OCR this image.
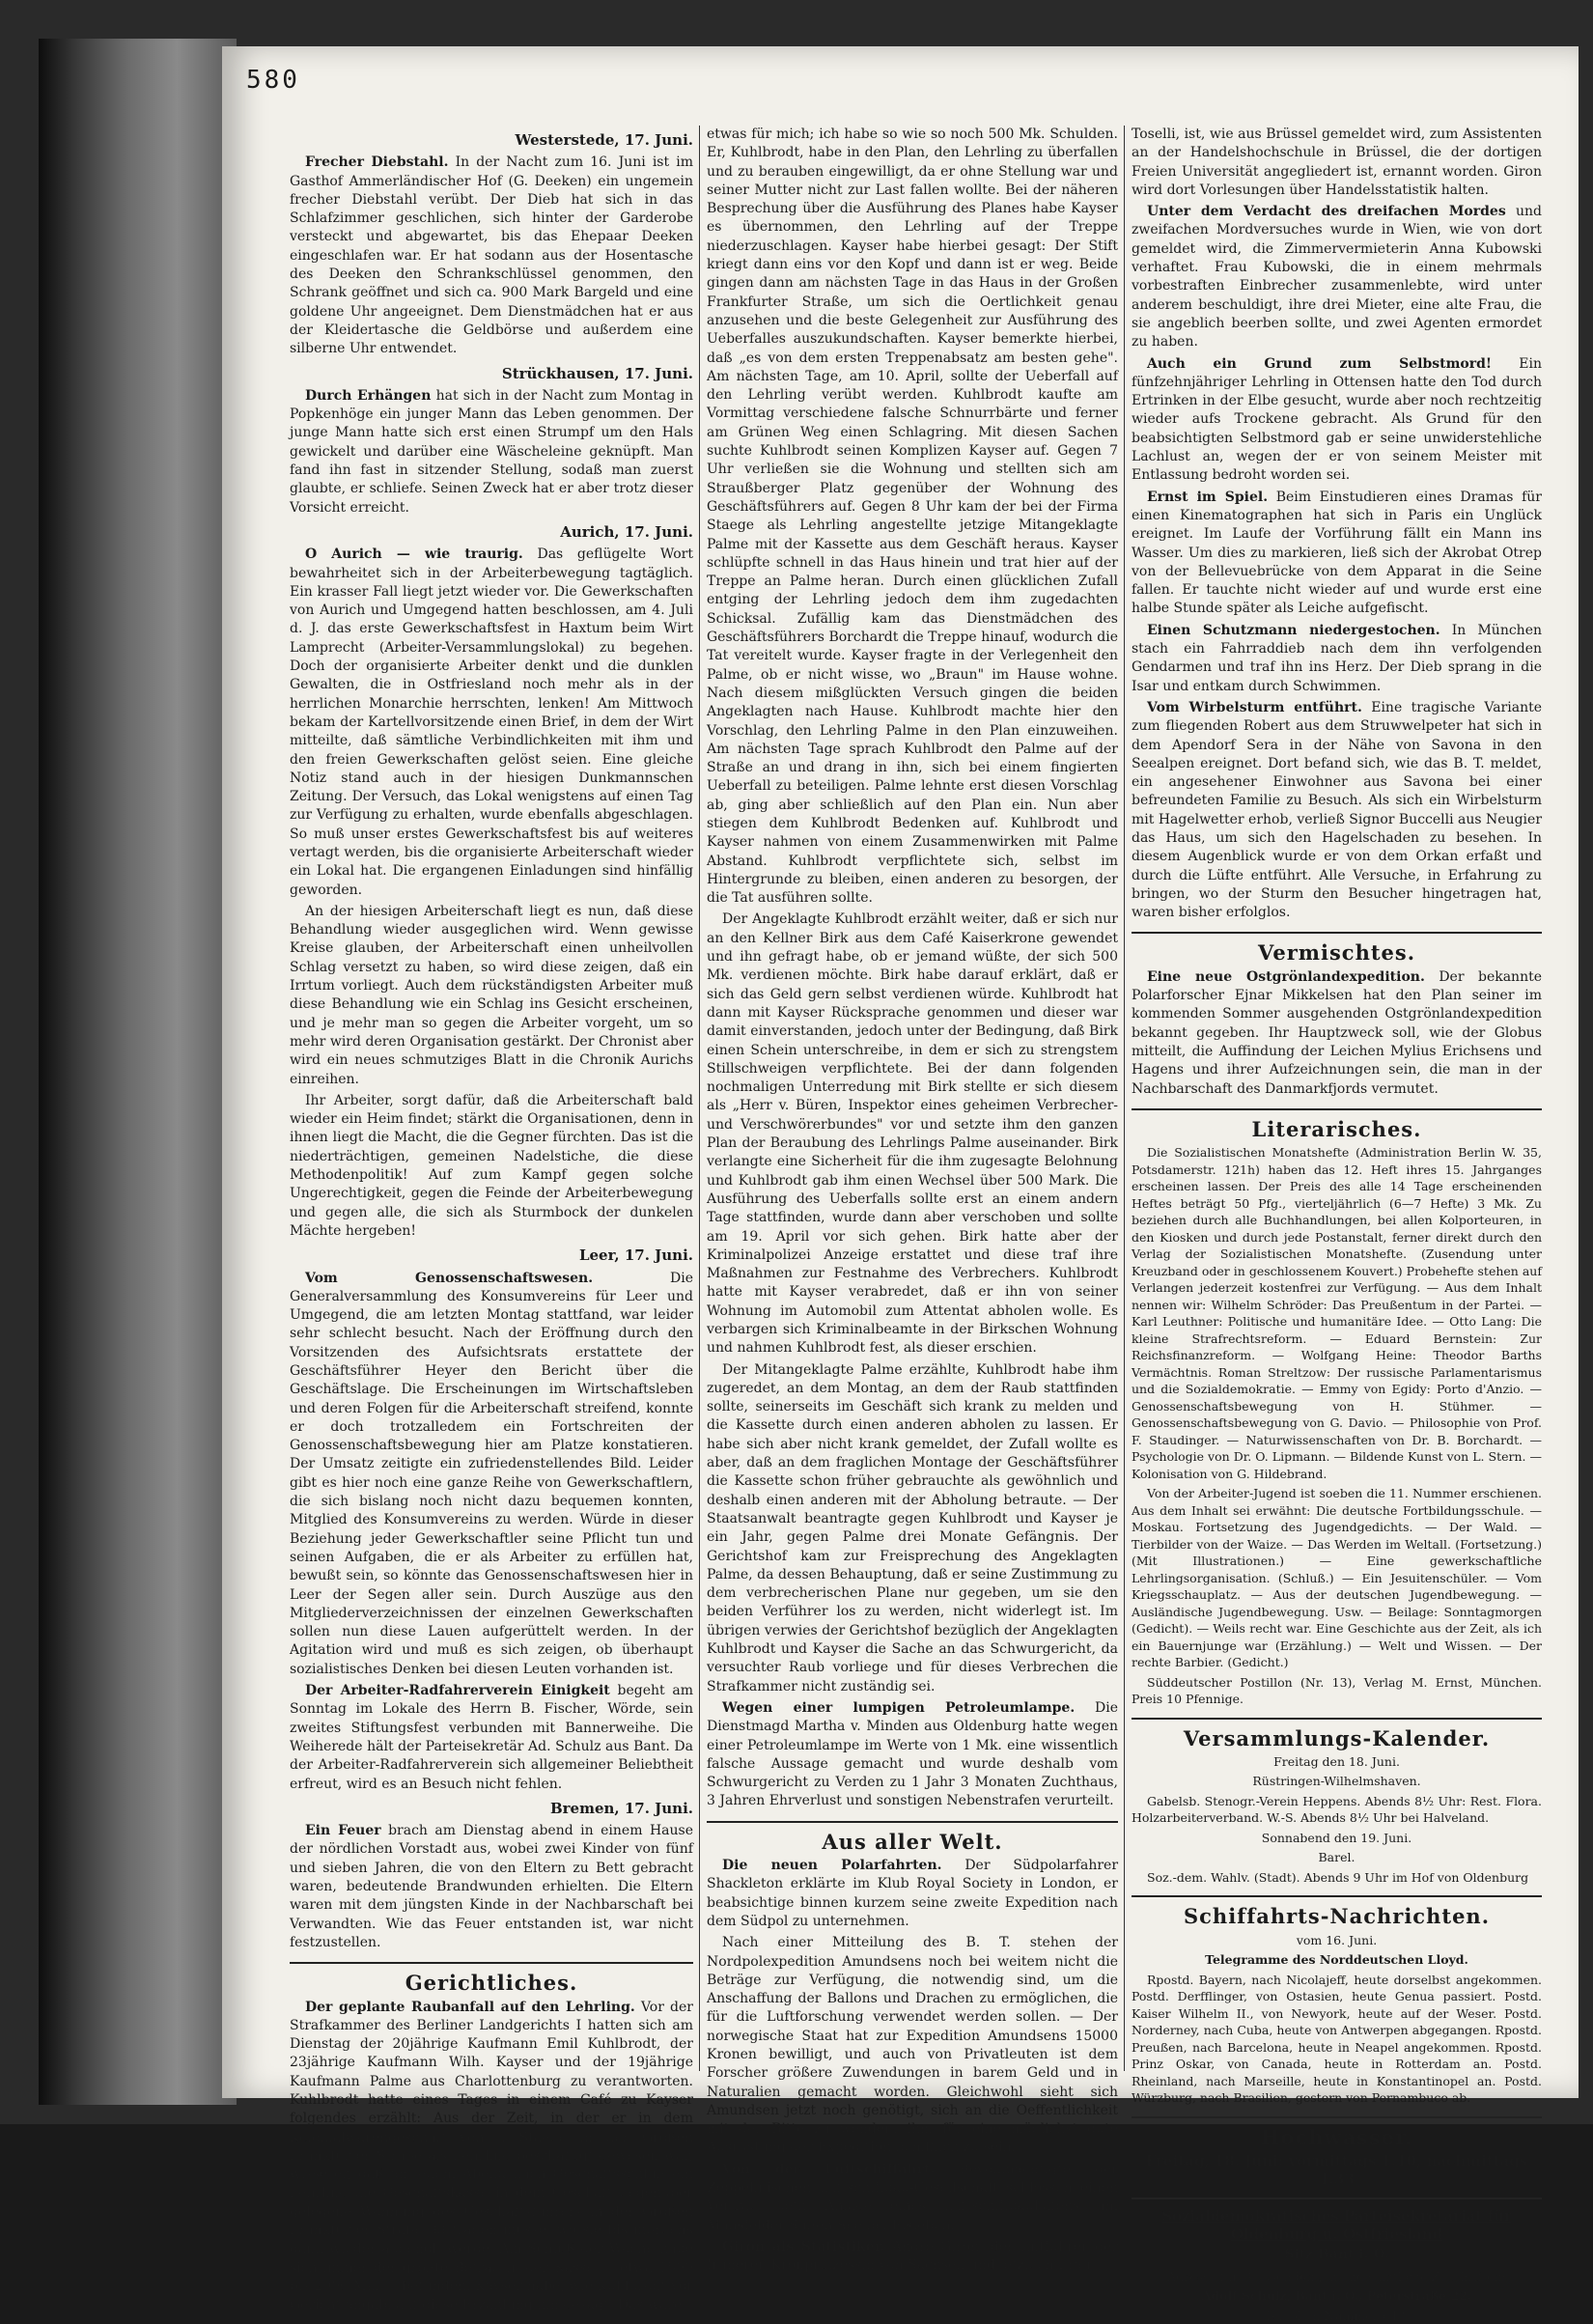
580
Westerstede, 17. Juni.

Frecher Diebstahl. In der Nacht zum 16. Juni ist im Gasthof Ammerländischer Hof (G. Deeken) ein ungemein frecher Diebstahl verübt. Der Dieb hat sich in das Schlafzimmer geschlichen, sich hinter der Garderobe versteckt und abgewartet, bis das Ehepaar Deeken eingeschlafen war. Er hat sodann aus der Hosentasche des Deeken den Schrankschlüssel genommen, den Schrank geöffnet und sich ca. 900 Mark Bargeld und eine goldene Uhr angeeignet. Dem Dienstmädchen hat er aus der Kleidertasche die Geldbörse und außerdem eine silberne Uhr entwendet.

Strückhausen, 17. Juni.

Durch Erhängen hat sich in der Nacht zum Montag in Popkenhöge ein junger Mann das Leben genommen. Der junge Mann hatte sich erst einen Strumpf um den Hals gewickelt und darüber eine Wäscheleine geknüpft. Man fand ihn fast in sitzender Stellung, sodaß man zuerst glaubte, er schliefe. Seinen Zweck hat er aber trotz dieser Vorsicht erreicht.

Aurich, 17. Juni.

O Aurich — wie traurig. Das geflügelte Wort bewahrheitet sich in der Arbeiterbewegung tagtäglich. Ein krasser Fall liegt jetzt wieder vor. Die Gewerkschaften von Aurich und Umgegend hatten beschlossen, am 4. Juli d. J. das erste Gewerkschaftsfest in Haxtum beim Wirt Lamprecht (Arbeiter-Versammlungslokal) zu begehen. Doch der organisierte Arbeiter denkt und die dunklen Gewalten, die in Ostfriesland noch mehr als in der herrlichen Monarchie herrschten, lenken! Am Mittwoch bekam der Kartellvorsitzende einen Brief, in dem der Wirt mitteilte, daß sämtliche Verbindlichkeiten mit ihm und den freien Gewerkschaften gelöst seien. Eine gleiche Notiz stand auch in der hiesigen Dunkmannschen Zeitung. Der Versuch, das Lokal wenigstens auf einen Tag zur Verfügung zu erhalten, wurde ebenfalls abgeschlagen. So muß unser erstes Gewerkschaftsfest bis auf weiteres vertagt werden, bis die organisierte Arbeiterschaft wieder ein Lokal hat. Die ergangenen Einladungen sind hinfällig geworden.

An der hiesigen Arbeiterschaft liegt es nun, daß diese Behandlung wieder ausgeglichen wird. Wenn gewisse Kreise glauben, der Arbeiterschaft einen unheilvollen Schlag versetzt zu haben, so wird diese zeigen, daß ein Irrtum vorliegt. Auch dem rückständigsten Arbeiter muß diese Behandlung wie ein Schlag ins Gesicht erscheinen, und je mehr man so gegen die Arbeiter vorgeht, um so mehr wird deren Organisation gestärkt. Der Chronist aber wird ein neues schmutziges Blatt in die Chronik Aurichs einreihen.

Ihr Arbeiter, sorgt dafür, daß die Arbeiterschaft bald wieder ein Heim findet; stärkt die Organisationen, denn in ihnen liegt die Macht, die die Gegner fürchten. Das ist die niederträchtigen, gemeinen Nadelstiche, die diese Methodenpolitik! Auf zum Kampf gegen solche Ungerechtigkeit, gegen die Feinde der Arbeiterbewegung und gegen alle, die sich als Sturmbock der dunkelen Mächte hergeben!

Leer, 17. Juni.

Vom Genossenschaftswesen.	Die Generalversammlung des Konsumvereins für Leer und Umgegend, die am letzten Montag stattfand, war leider sehr schlecht besucht. Nach der Eröffnung durch den Vorsitzenden des Aufsichtsrats erstattete der Geschäftsführer Heyer den Bericht über die Geschäftslage. Die Erscheinungen im Wirtschaftsleben und deren Folgen für die Arbeiterschaft streifend, konnte er doch trotzalledem ein Fortschreiten der Genossenschaftsbewegung hier am Platze konstatieren. Der Umsatz zeitigte ein zufriedenstellendes Bild. Leider gibt es hier noch eine ganze Reihe von Gewerkschaftlern, die sich bislang noch nicht dazu bequemen konnten, Mitglied des Konsumvereins zu werden. Würde in dieser Beziehung jeder Gewerkschaftler seine Pflicht tun und seinen Aufgaben, die er als Arbeiter zu erfüllen hat, bewußt sein, so könnte das Genossenschaftswesen hier in Leer der Segen aller sein. Durch Auszüge aus den Mitgliederverzeichnissen der einzelnen Gewerkschaften sollen nun diese Lauen aufgerüttelt werden. In der Agitation wird und muß es sich zeigen, ob überhaupt sozialistisches Denken bei diesen Leuten vorhanden ist.

Der Arbeiter-Radfahrerverein Einigkeit begeht am Sonntag im Lokale des Herrn B. Fischer, Wörde, sein zweites Stiftungsfest verbunden mit Bannerweihe. Die Weiherede hält der Parteisekretär Ad. Schulz aus Bant. Da der Arbeiter-Radfahrerverein sich allgemeiner Beliebtheit erfreut, wird es an Besuch nicht fehlen.

Bremen, 17. Juni.

Ein Feuer brach am Dienstag abend in einem Hause der nördlichen Vorstadt aus, wobei zwei Kinder von fünf und sieben Jahren, die von den Eltern zu Bett gebracht waren, bedeutende Brandwunden erhielten. Die Eltern waren mit dem jüngsten Kinde in der Nachbarschaft bei Verwandten. Wie das Feuer entstanden ist, war nicht festzustellen.

Gerichtliches.

Der geplante Raubanfall auf den Lehrling. Vor der Strafkammer des Berliner Landgerichts I hatten sich am Dienstag der 20jährige Kaufmann Emil Kuhlbrodt, der 23jährige Kaufmann Wilh. Kayser und der 19jährige Kaufmann Palme aus Charlottenburg zu verantworten. Kuhlbrodt hatte eines Tages in einem Café zu Kayser folgendes erzählt: Aus der Zeit, in der er in dem Kolonialwarengeschäft von J. Staege in der Großen Frankfurter Straße als Lehrling beschäftigt gewesen war, wisse er, daß an jedem Abend nach Geschäftsschluß ein Lehrling die Geschäftskasse in dem Geschäft gegenüber gelegene Wohnung des Geschäftsführers in der Großen Frankfurter Straße 33 tragen müsse, wo sie bis morgens dann wieder abgeholt werde. Am Schluß der Woche habe sich immer der größte Betrag in der Kasse — etwa 1500 bis 2000 Mk. — befunden. Kayser habe, wie Kuhlbrodt vor Gericht angab, auf diese Erzählung hin gesagt: Das wäre

etwas für mich; ich habe so wie so noch 500 Mk. Schulden. Er, Kuhlbrodt, habe in den Plan, den Lehrling zu überfallen und zu berauben eingewilligt, da er ohne Stellung war und seiner Mutter nicht zur Last fallen wollte. Bei der näheren Besprechung über die Ausführung des Planes habe Kayser es übernommen, den Lehrling auf der Treppe niederzuschlagen. Kayser habe hierbei gesagt: Der Stift kriegt dann eins vor den Kopf und dann ist er weg. Beide gingen dann am nächsten Tage in das Haus in der Großen Frankfurter Straße, um sich die Oertlichkeit genau anzusehen und die beste Gelegenheit zur Ausführung des Ueberfalles auszukundschaften. Kayser bemerkte hierbei, daß „es von dem ersten Treppenabsatz am besten gehe". Am nächsten Tage, am 10. April, sollte der Ueberfall auf den Lehrling verübt werden. Kuhlbrodt kaufte am Vormittag verschiedene falsche Schnurrbärte und ferner am Grünen Weg einen Schlagring. Mit diesen Sachen suchte Kuhlbrodt seinen Komplizen Kayser auf. Gegen 7 Uhr verließen sie die Wohnung und stellten sich am Straußberger Platz gegenüber der Wohnung des Geschäftsführers auf. Gegen 8 Uhr kam der bei der Firma Staege als Lehrling angestellte jetzige Mitangeklagte Palme mit der Kassette aus dem Geschäft heraus. Kayser schlüpfte schnell in das Haus hinein und trat hier auf der Treppe an Palme heran. Durch einen glücklichen Zufall entging der Lehrling jedoch dem ihm zugedachten Schicksal. Zufällig kam das Dienstmädchen des Geschäftsführers Borchardt die Treppe hinauf, wodurch die Tat vereitelt wurde. Kayser fragte in der Verlegenheit den Palme, ob er nicht wisse, wo „Braun" im Hause wohne. Nach diesem mißglückten Versuch gingen die beiden Angeklagten nach Hause. Kuhlbrodt machte hier den Vorschlag, den Lehrling Palme in den Plan einzuweihen. Am nächsten Tage sprach Kuhlbrodt den Palme auf der Straße an und drang in ihn, sich bei einem fingierten Ueberfall zu beteiligen. Palme lehnte erst diesen Vorschlag ab, ging aber schließlich auf den Plan ein. Nun aber stiegen dem Kuhlbrodt Bedenken auf. Kuhlbrodt und Kayser nahmen von einem Zusammenwirken mit Palme Abstand. Kuhlbrodt verpflichtete sich, selbst im Hintergrunde zu bleiben, einen anderen zu besorgen, der die Tat ausführen sollte.

Der Angeklagte Kuhlbrodt erzählt weiter, daß er sich nur an den Kellner Birk aus dem Café Kaiserkrone gewendet und ihn gefragt habe, ob er jemand wüßte, der sich 500 Mk. verdienen möchte. Birk habe darauf erklärt, daß er sich das Geld gern selbst verdienen würde. Kuhlbrodt hat dann mit Kayser Rücksprache genommen und dieser war damit einverstanden, jedoch unter der Bedingung, daß Birk einen Schein unterschreibe, in dem er sich zu strengstem Stillschweigen verpflichtete. Bei der dann folgenden nochmaligen Unterredung mit Birk stellte er sich diesem als „Herr v. Büren, Inspektor eines geheimen Verbrecher- und Verschwörerbundes" vor und setzte ihm den ganzen Plan der Beraubung des Lehrlings Palme auseinander. Birk verlangte eine Sicherheit für die ihm zugesagte Belohnung und Kuhlbrodt gab ihm einen Wechsel über 500 Mark. Die Ausführung des Ueberfalls sollte erst an einem andern Tage stattfinden, wurde dann aber verschoben und sollte am 19. April vor sich gehen. Birk hatte aber der Kriminalpolizei Anzeige erstattet und diese traf ihre Maßnahmen zur Festnahme des Verbrechers. Kuhlbrodt hatte mit Kayser verabredet, daß er ihn von seiner Wohnung im Automobil zum Attentat abholen wolle. Es verbargen sich Kriminalbeamte in der Birkschen Wohnung und nahmen Kuhlbrodt fest, als dieser erschien.

Der Mitangeklagte Palme erzählte, Kuhlbrodt habe ihm zugeredet, an dem Montag, an dem der Raub stattfinden sollte, seinerseits im Geschäft sich krank zu melden und die Kassette durch einen anderen abholen zu lassen. Er habe sich aber nicht krank gemeldet, der Zufall wollte es aber, daß an dem fraglichen Montage der Geschäftsführer die Kassette schon früher gebrauchte als gewöhnlich und deshalb einen anderen mit der Abholung betraute. — Der Staatsanwalt beantragte gegen Kuhlbrodt und Kayser je ein Jahr, gegen Palme drei Monate Gefängnis. Der Gerichtshof kam zur Freisprechung des Angeklagten Palme, da dessen Behauptung, daß er seine Zustimmung zu dem verbrecherischen Plane nur gegeben, um sie den beiden Verführer los zu werden, nicht widerlegt ist. Im übrigen verwies der Gerichtshof bezüglich der Angeklagten Kuhlbrodt und Kayser die Sache an das Schwurgericht, da versuchter Raub vorliege und für dieses Verbrechen die Strafkammer nicht zuständig sei.

Wegen einer lumpigen Petroleumlampe. Die Dienstmagd Martha v. Minden aus Oldenburg hatte wegen einer Petroleumlampe im Werte von 1 Mk. eine wissentlich falsche Aussage gemacht und wurde deshalb vom Schwurgericht zu Verden zu 1 Jahr 3 Monaten Zuchthaus, 3 Jahren Ehrverlust und sonstigen Nebenstrafen verurteilt.

Aus aller Welt.

Die neuen Polarfahrten. Der Südpolarfahrer Shackleton erklärte im Klub Royal Society in London, er beabsichtige binnen kurzem seine zweite Expedition nach dem Südpol zu unternehmen.

Nach einer Mitteilung des B. T. stehen der Nordpolexpedition Amundsens noch bei weitem nicht die Beträge zur Verfügung, die notwendig sind, um die Anschaffung der Ballons und Drachen zu ermöglichen, die für die Luftforschung verwendet werden sollen. — Der norwegische Staat hat zur Expedition Amundsens 15000 Kronen bewilligt, und auch von Privatleuten ist dem Forscher größere Zuwendungen in barem Geld und in Naturalien gemacht worden. Gleichwohl sieht sich Amundsen jetzt noch genötigt, sich an die Oeffentlichkeit mit der Bitte zu wenden, ihm für eine möglichst gute Ausrüstung der Expedition behilflich zu sein.

Von der Luftschiffahrt. Bevollmächtigte der Zeppelinischen Luftschiffbau-Gesellschaft schlossen einen Vertrag betr. Anlage eines Luftschiffbauhafens am Mansfelder Süßen See bei Eisleben.

Giron als Statistiker. André Giron, der Entführer der früheren Kronprinzessin von Sachsen und jetzigen Frau

Toselli, ist, wie aus Brüssel gemeldet wird, zum Assistenten an der Handelshochschule in Brüssel, die der dortigen Freien Universität angegliedert ist, ernannt worden. Giron wird dort Vorlesungen über Handelsstatistik halten.

Unter dem Verdacht des dreifachen Mordes und zweifachen Mordversuches wurde in Wien, wie von dort gemeldet wird, die Zimmervermieterin Anna Kubowski verhaftet. Frau Kubowski, die in einem mehrmals vorbestraften Einbrecher zusammenlebte, wird unter anderem beschuldigt, ihre drei Mieter, eine alte Frau, die sie angeblich beerben sollte, und zwei Agenten ermordet zu haben.

Auch ein Grund zum Selbstmord! Ein fünfzehnjähriger Lehrling in Ottensen hatte den Tod durch Ertrinken in der Elbe gesucht, wurde aber noch rechtzeitig wieder aufs Trockene gebracht. Als Grund für den beabsichtigten Selbstmord gab er seine unwiderstehliche Lachlust an, wegen der er von seinem Meister mit Entlassung bedroht worden sei.

Ernst im Spiel. Beim Einstudieren eines Dramas für einen Kinematographen hat sich in Paris ein Unglück ereignet. Im Laufe der Vorführung fällt ein Mann ins Wasser. Um dies zu markieren, ließ sich der Akrobat Otrep von der Bellevuebrücke von dem Apparat in die Seine fallen. Er tauchte nicht wieder auf und wurde erst eine halbe Stunde später als Leiche aufgefischt.

Einen Schutzmann niedergestochen. In München stach ein Fahrraddieb nach dem ihn verfolgenden Gendarmen und traf ihn ins Herz. Der Dieb sprang in die Isar und entkam durch Schwimmen.

Vom Wirbelsturm entführt. Eine tragische Variante zum fliegenden Robert aus dem Struwwelpeter hat sich in dem Apendorf Sera in der Nähe von Savona in den Seealpen ereignet. Dort befand sich, wie das B. T. meldet, ein angesehener Einwohner aus Savona bei einer befreundeten Familie zu Besuch. Als sich ein Wirbelsturm mit Hagelwetter erhob, verließ Signor Buccelli aus Neugier das Haus, um sich den Hagelschaden zu besehen. In diesem Augenblick wurde er von dem Orkan erfaßt und durch die Lüfte entführt. Alle Versuche, in Erfahrung zu bringen, wo der Sturm den Besucher hingetragen hat, waren bisher erfolglos.

Vermischtes.

Eine neue Ostgrönlandexpedition. Der bekannte Polarforscher Ejnar Mikkelsen hat den Plan seiner im kommenden Sommer ausgehenden Ostgrönlandexpedition bekannt gegeben. Ihr Hauptzweck soll, wie der Globus mitteilt, die Auffindung der Leichen Mylius Erichsens und Hagens und ihrer Aufzeichnungen sein, die man in der Nachbarschaft des Danmarkfjords vermutet.

Literarisches.

Die Sozialistischen Monatshefte (Administration Berlin W. 35, Potsdamerstr. 121h) haben das 12. Heft ihres 15. Jahrganges erscheinen lassen. Der Preis des alle 14 Tage erscheinenden Heftes beträgt 50 Pfg., vierteljährlich (6—7 Hefte) 3 Mk. Zu beziehen durch alle Buchhandlungen, bei allen Kolporteuren, in den Kiosken und durch jede Postanstalt, ferner direkt durch den Verlag der Sozialistischen Monatshefte. (Zusendung unter Kreuzband oder in geschlossenem Kouvert.) Probehefte stehen auf Verlangen jederzeit kostenfrei zur Verfügung. — Aus dem Inhalt nennen wir: Wilhelm Schröder: Das Preußentum in der Partei. — Karl Leuthner: Politische und humanitäre Idee. — Otto Lang: Die kleine Strafrechtsreform. — Eduard Bernstein: Zur Reichsfinanzreform. — Wolfgang Heine: Theodor Barths Vermächtnis. Roman Streltzow: Der russische Parlamentarismus und die Sozialdemokratie. — Emmy von Egidy: Porto d'Anzio. — Genossenschaftsbewegung von H. Stühmer. — Genossenschaftsbewegung von G. Davio. — Philosophie von Prof. F. Staudinger. — Naturwissenschaften von Dr. B. Borchardt. — Psychologie von Dr. O. Lipmann. — Bildende Kunst von L. Stern. — Kolonisation von G. Hildebrand.

Von der Arbeiter-Jugend ist soeben die 11. Nummer erschienen. Aus dem Inhalt sei erwähnt: Die deutsche Fortbildungsschule. — Moskau. Fortsetzung des Jugendgedichts. — Der Wald. — Tierbilder von der Waize. — Das Werden im Weltall. (Fortsetzung.) (Mit Illustrationen.) — Eine gewerkschaftliche Lehrlingsorganisation. (Schluß.) — Ein Jesuitenschüler. — Vom Kriegsschauplatz. — Aus der deutschen Jugendbewegung. — Ausländische Jugendbewegung. Usw. — Beilage: Sonntagmorgen (Gedicht). — Weils recht war. Eine Geschichte aus der Zeit, als ich ein Bauernjunge war (Erzählung.) — Welt und Wissen. — Der rechte Barbier. (Gedicht.)

Süddeutscher Postillon (Nr. 13), Verlag M. Ernst, München. Preis 10 Pfennige.

Versammlungs-Kalender.

Freitag den 18. Juni.

Rüstringen-Wilhelmshaven.

Gabelsb. Stenogr.-Verein Heppens. Abends 8½ Uhr: Rest. Flora. Holzarbeiterverband. W.-S. Abends 8½ Uhr bei Halveland.

Sonnabend den 19. Juni.

Barel.

Soz.-dem. Wahlv. (Stadt). Abends 9 Uhr im Hof von Oldenburg

Schiffahrts-Nachrichten.

vom 16. Juni.

Telegramme des Norddeutschen Lloyd.

Rpostd. Bayern, nach Nicolajeff, heute dorselbst angekommen. Postd. Derfflinger, von Ostasien, heute Genua passiert. Postd. Kaiser Wilhelm II., von Newyork, heute auf der Weser. Postd. Norderney, nach Cuba, heute von Antwerpen abgegangen. Rpostd. Preußen, nach Barcelona, heute in Neapel angekommen. Rpostd. Prinz Oskar, von Canada, heute in Rotterdam an. Postd. Rheinland, nach Marseille, heute in Konstantinopel an. Postd. Würzburg, nach Brasilien, gestern von Pernambuco ab.

Hochwasser.
Freitag, 18. Juni: vormittags 1.10, nachmittags 1.33
Sozialdemokratisches Parteisekretariat für Oldenburg u. Ostfriesland

Sitz Bant i. O.

Adresse für Geldsendungen und sämtliche Zuschriften:

Adolf Schulz, Bant i. O., Peterstraße 22.

— Telephon-Nummer 643. —
